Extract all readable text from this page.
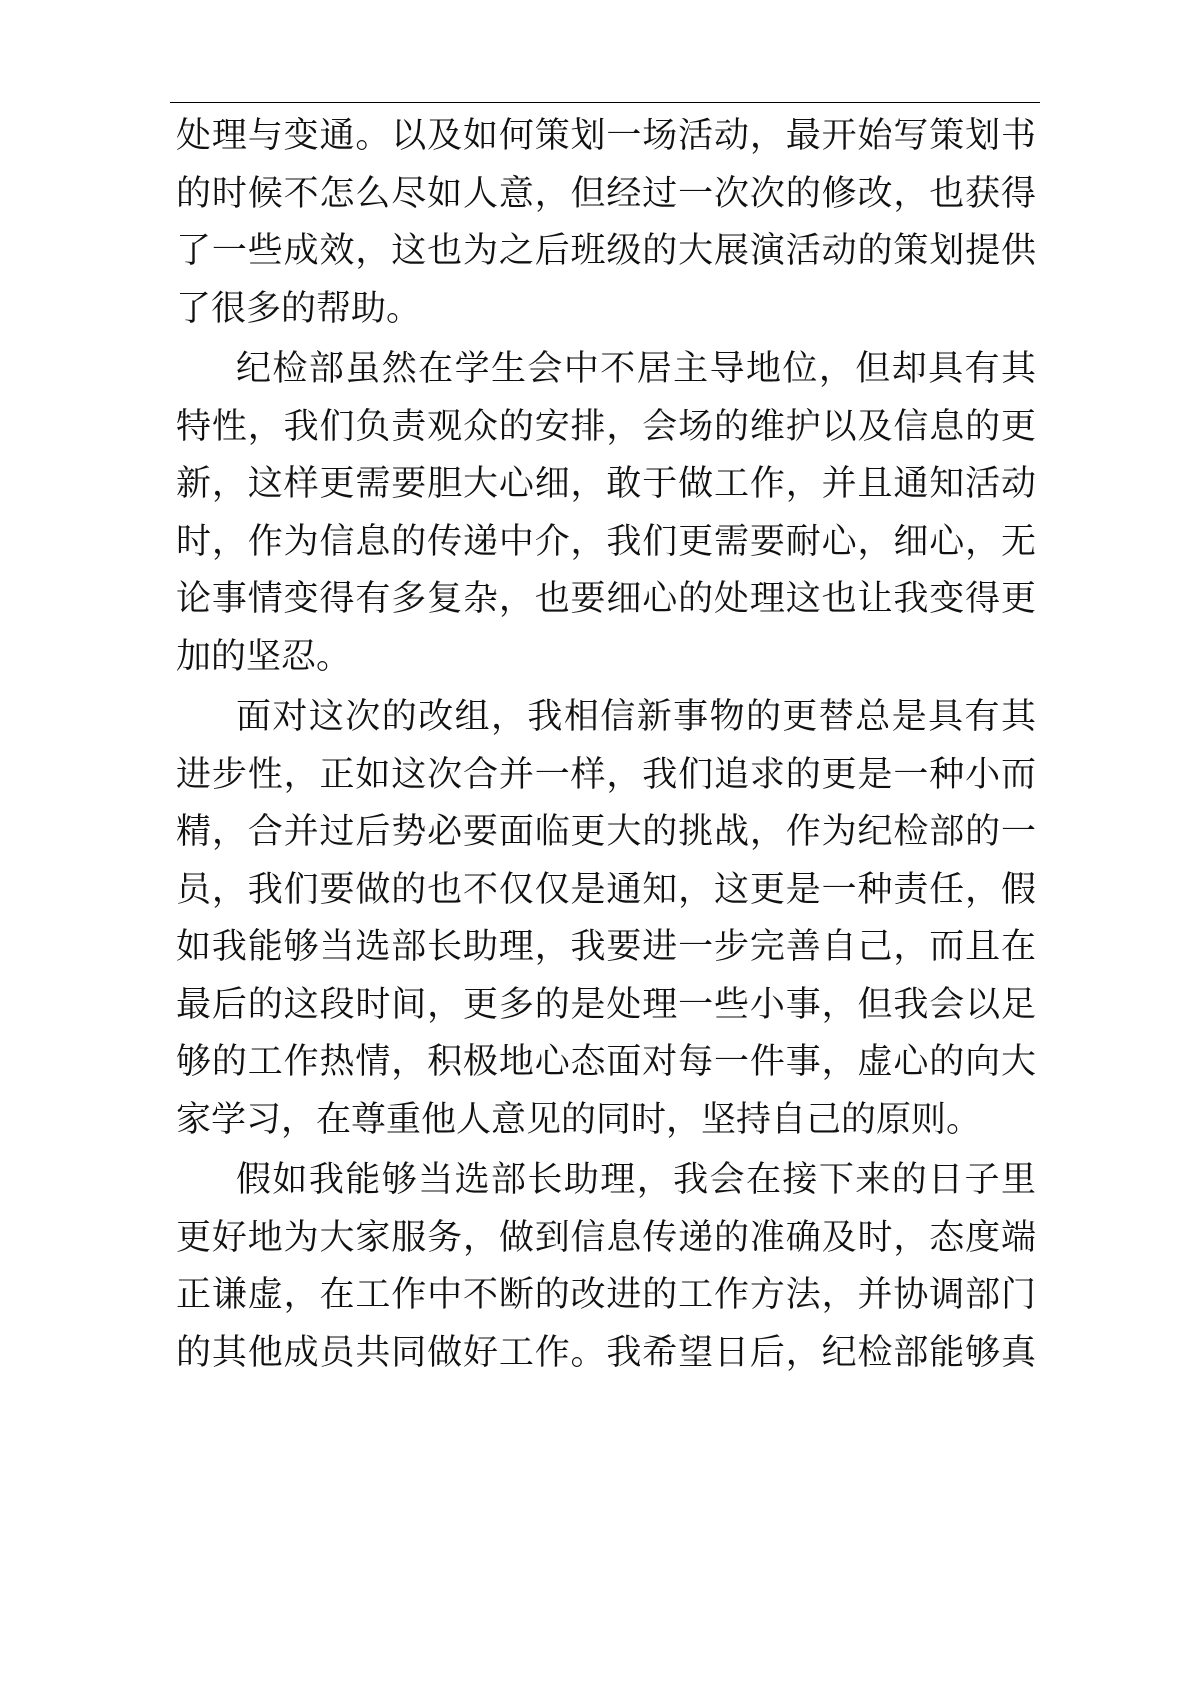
处理与变通。以及如何策划一场活动，最开始写策划书
的时候不怎么尽如人意，但经过一次次的修改，也获得
了一些成效，这也为之后班级的大展演活动的策划提供
了很多的帮助。

纪检部虽然在学生会中不居主导地位，但却具有其
特性，我们负责观众的安排，会场的维护以及信息的更
新，这样更需要胆大心细，敢于做工作，并且通知活动
时，作为信息的传递中介，我们更需要耐心，细心，无
论事情变得有多复杂，也要细心的处理这也让我变得更
加的坚忍。

面对这次的改组，我相信新事物的更替总是具有其
进步性，正如这次合并一样，我们追求的更是一种小而
精，合并过后势必要面临更大的挑战，作为纪检部的一
员，我们要做的也不仅仅是通知，这更是一种责任，假
如我能够当选部长助理，我要进一步完善自己，而且在
最后的这段时间，更多的是处理一些小事，但我会以足
够的工作热情，积极地心态面对每一件事，虚心的向大
家学习，在尊重他人意见的同时，坚持自己的原则。

假如我能够当选部长助理，我会在接下来的日子里
更好地为大家服务，做到信息传递的准确及时，态度端
正谦虚，在工作中不断的改进的工作方法，并协调部门
的其他成员共同做好工作。我希望日后，纪检部能够真
